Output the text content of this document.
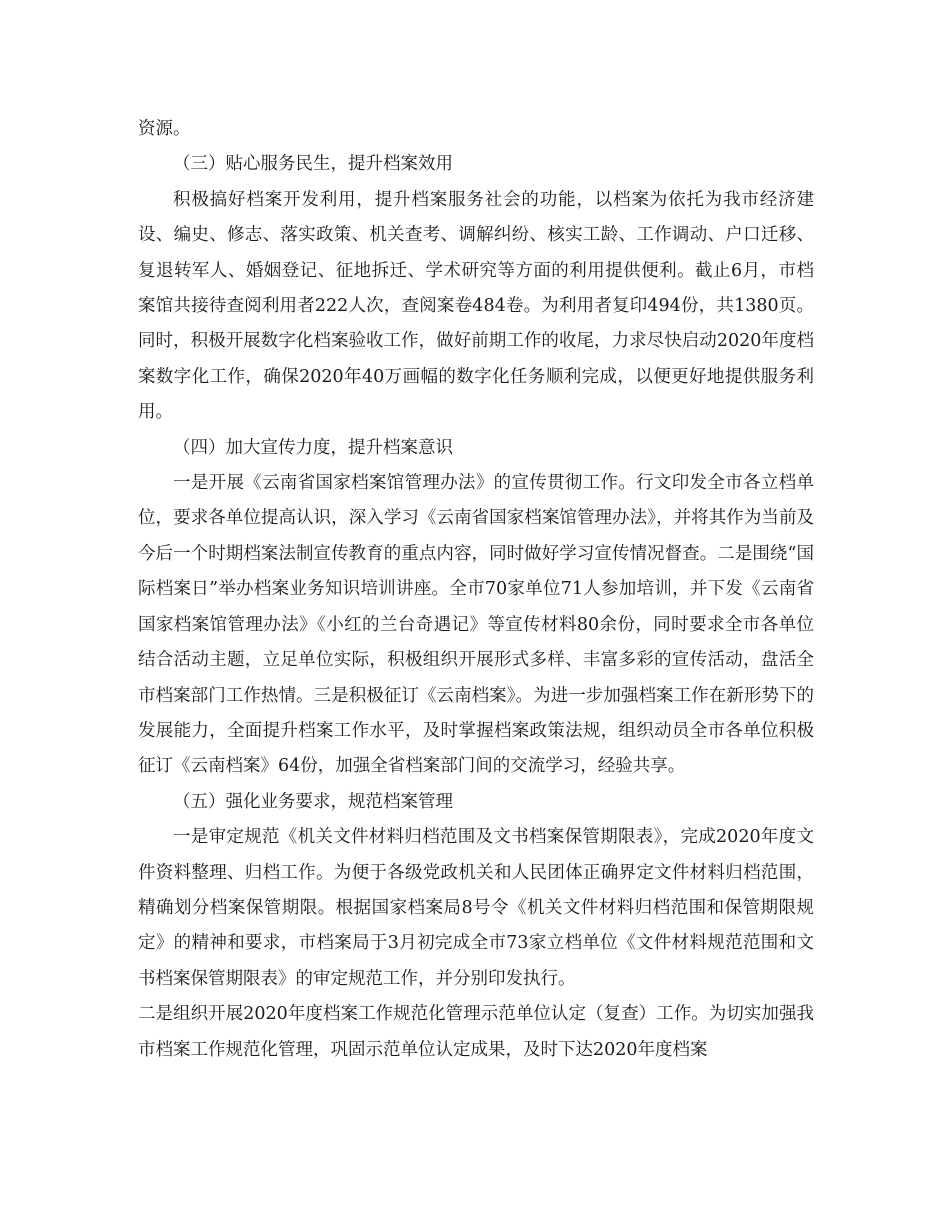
资源。

（三）贴心服务民生，提升档案效用

积极搞好档案开发利用，提升档案服务社会的功能，以档案为依托为我市经济建设、编史、修志、落实政策、机关查考、调解纠纷、核实工龄、工作调动、户口迁移、复退转军人、婚姻登记、征地拆迁、学术研究等方面的利用提供便利。截止6月，市档案馆共接待查阅利用者222人次，查阅案卷484卷。为利用者复印494份，共1380页。同时，积极开展数字化档案验收工作，做好前期工作的收尾，力求尽快启动2020年度档案数字化工作，确保2020年40万画幅的数字化任务顺利完成，以便更好地提供服务利用。

（四）加大宣传力度，提升档案意识

一是开展《云南省国家档案馆管理办法》的宣传贯彻工作。行文印发全市各立档单位，要求各单位提高认识，深入学习《云南省国家档案馆管理办法》，并将其作为当前及今后一个时期档案法制宣传教育的重点内容，同时做好学习宣传情况督查。二是围绕“国际档案日”举办档案业务知识培训讲座。全市70家单位71人参加培训，并下发《云南省国家档案馆管理办法》《小红的兰台奇遇记》等宣传材料80余份，同时要求全市各单位结合活动主题，立足单位实际，积极组织开展形式多样、丰富多彩的宣传活动，盘活全市档案部门工作热情。三是积极征订《云南档案》。为进一步加强档案工作在新形势下的发展能力，全面提升档案工作水平，及时掌握档案政策法规，组织动员全市各单位积极征订《云南档案》64份，加强全省档案部门间的交流学习，经验共享。

（五）强化业务要求，规范档案管理

一是审定规范《机关文件材料归档范围及文书档案保管期限表》，完成2020年度文件资料整理、归档工作。为便于各级党政机关和人民团体正确界定文件材料归档范围，精确划分档案保管期限。根据国家档案局8号令《机关文件材料归档范围和保管期限规定》的精神和要求，市档案局于3月初完成全市73家立档单位《文件材料规范范围和文书档案保管期限表》的审定规范工作，并分别印发执行。

二是组织开展2020年度档案工作规范化管理示范单位认定（复查）工作。为切实加强我市档案工作规范化管理，巩固示范单位认定成果，及时下达2020年度档案
